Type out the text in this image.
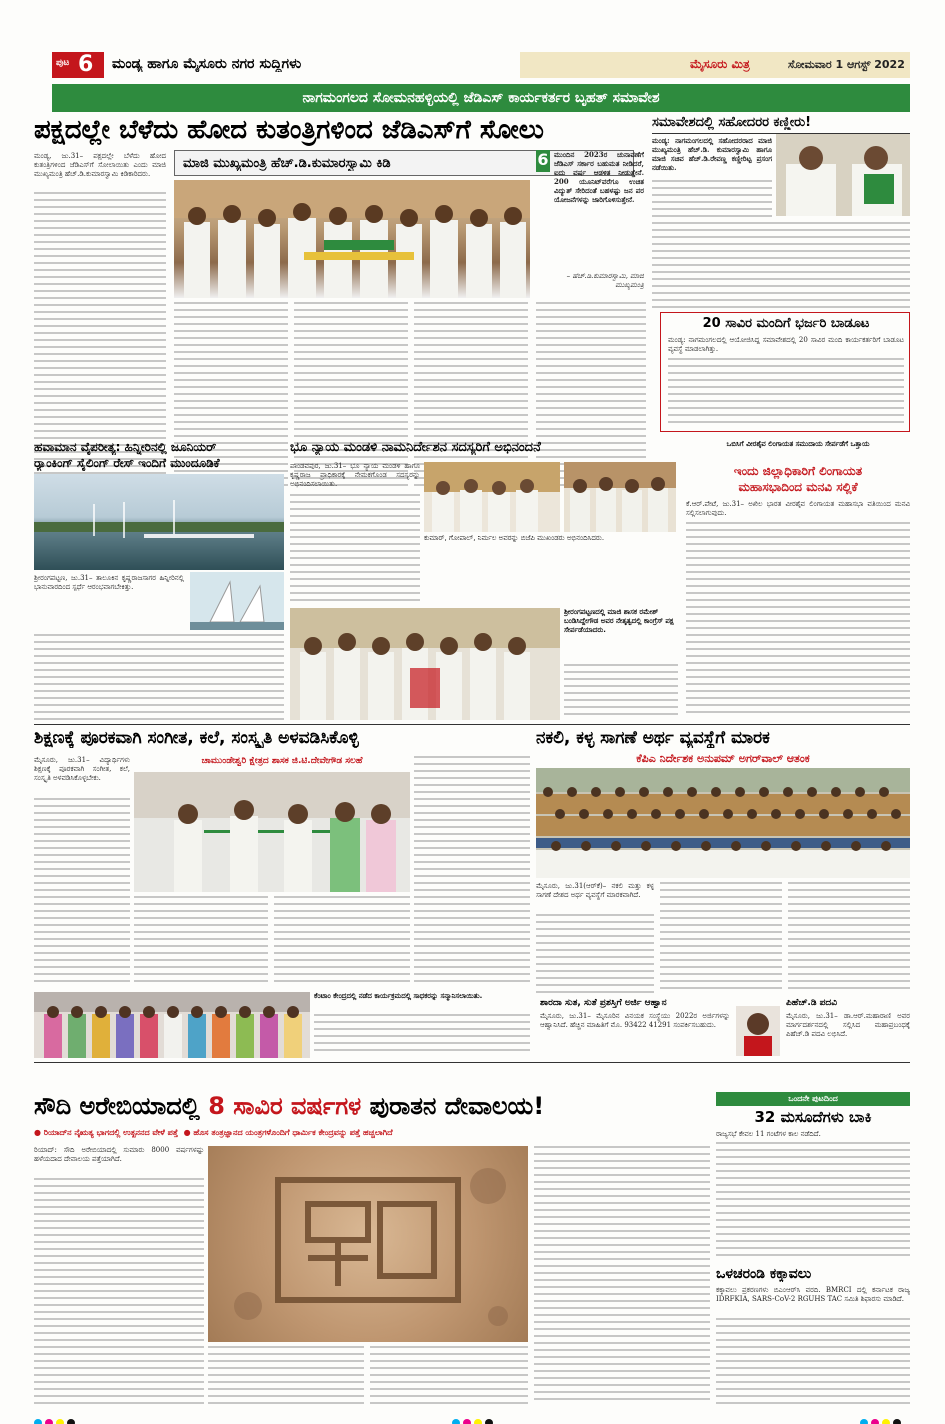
ಪುಟ 6 ಮಂಡ್ಯ ಹಾಗೂ ಮೈಸೂರು ನಗರ ಸುದ್ದಿಗಳು	ಮೈಸೂರು ಮಿತ್ರ	ಸೋಮವಾರ 1 ಆಗಸ್ಟ್ 2022
ನಾಗಮಂಗಲದ ಸೋಮನಹಳ್ಳಿಯಲ್ಲಿ ಜೆಡಿಎಸ್ ಕಾರ್ಯಕರ್ತರ ಬೃಹತ್ ಸಮಾವೇಶ
ಪಕ್ಷದಲ್ಲೇ ಬೆಳೆದು ಹೋದ ಕುತಂತ್ರಿಗಳಿಂದ ಜೆಡಿಎಸ್‌ಗೆ ಸೋಲು
ಮಾಜಿ ಮುಖ್ಯಮಂತ್ರಿ ಹೆಚ್.ಡಿ.ಕುಮಾರಸ್ವಾಮಿ ಕಿಡಿ
ಮಂಡ್ಯ, ಜು.31– ಪಕ್ಷದಲ್ಲೇ ಬೆಳೆದು ಹೋದ ಕುತಂತ್ರಿಗಳಿಂದ ಜೆಡಿಎಸ್‌ಗೆ ಸೋಲಾಯಿತು ಎಂದು ಮಾಜಿ ಮುಖ್ಯಮಂತ್ರಿ ಹೆಚ್.ಡಿ.ಕುಮಾರಸ್ವಾಮಿ ಕಿಡಿಕಾರಿದರು.
6 ಮುಂದಿನ 2023ರ ಚುನಾವಣೆಗೆ ಜೆಡಿಎಸ್ ಸರ್ಕಾರ ಬಹುಮತ ನೀಡಿದರೆ, ಐದು ವರ್ಷ ಆಡಳಿತ ನೀಡುತ್ತೇನೆ. 200 ಯೂನಿಟ್‌ವರೆಗೂ ಉಚಿತ ವಿದ್ಯುತ್ ಸೇರಿದಂತೆ ಬಹಳಷ್ಟು ಜನ ಪರ ಯೋಜನೆಗಳನ್ನು ಜಾರಿಗೊಳಿಸುತ್ತೇನೆ.
– ಹೆಚ್.ಡಿ.ಕುಮಾರಸ್ವಾಮಿ, ಮಾಜಿ ಮುಖ್ಯಮಂತ್ರಿ
ಸಮಾವೇಶದಲ್ಲಿ ಸಹೋದರರ ಕಣ್ಣೀರು!
ಮಂಡ್ಯ: ನಾಗಮಂಗಲದಲ್ಲಿ ಸಹೋದರರಾದ ಮಾಜಿ ಮುಖ್ಯಮಂತ್ರಿ ಹೆಚ್.ಡಿ. ಕುಮಾರಸ್ವಾಮಿ ಹಾಗೂ ಮಾಜಿ ಸಚಿವ ಹೆಚ್.ಡಿ.ರೇವಣ್ಣ ಕಣ್ಣೀರಿಟ್ಟ ಪ್ರಸಂಗ ನಡೆಯಿತು.
20 ಸಾವಿರ ಮಂದಿಗೆ ಭರ್ಜರಿ ಬಾಡೂಟ
ಮಂಡ್ಯ: ನಾಗಮಂಗಲದಲ್ಲಿ ಆಯೋಜಿಸಿದ್ದ ಸಮಾವೇಶದಲ್ಲಿ 20 ಸಾವಿರ ಮಂದಿ ಕಾರ್ಯಕರ್ತರಿಗೆ ಬಾಡೂಟ ವ್ಯವಸ್ಥೆ ಮಾಡಲಾಗಿತ್ತು.
ಹವಾಮಾನ ವೈಪರೀತ್ಯ: ಹಿನ್ನೀರಿನಲ್ಲಿ ಜೂನಿಯರ್
ರ್‍ಯಾಂಕಿಂಗ್ ಸೈಲಿಂಗ್ ರೇಸ್ ಇಂದಿಗೆ ಮುಂದೂಡಿಕೆ
ಶ್ರೀರಂಗಪಟ್ಟಣ, ಜು.31– ತಾಲೂಕಿನ ಕೃಷ್ಣರಾಜಸಾಗರ ಹಿನ್ನೀರಿನಲ್ಲಿ ಭಾನುವಾರದಿಂದ ಸ್ಪರ್ಧೆ ಆರಂಭವಾಗಬೇಕಿತ್ತು.
ಭೂ ನ್ಯಾಯ ಮಂಡಳಿ ನಾಮನಿರ್ದೇಶನ ಸದಸ್ಯರಿಗೆ ಅಭಿನಂದನೆ
ಪಾಂಡವಪುರ, ಜು.31– ಭೂ ನ್ಯಾಯ ಮಂಡಳಿ ಹಾಗೂ ಕೃಷ್ಣರಾಜ ಪ್ರಾಧಿಕಾರಕ್ಕೆ ನೇಮಕಗೊಂಡ ಸದಸ್ಯರನ್ನು ಅಭಿನಂದಿಸಲಾಯಿತು.
ಕುಮಾರ್, ಗೋಪಾಲ್, ನಿರ್ಮಲ ಅವರನ್ನು ಬಿಜೆಪಿ ಮುಖಂಡರು ಅಭಿನಂದಿಸಿದರು.
ಶ್ರೀರಂಗಪಟ್ಟಣದಲ್ಲಿ ಮಾಜಿ ಶಾಸಕ ರಮೇಶ್ ಬಂಡಿಸಿದ್ದೇಗೌಡ ಅವರ ನೇತೃತ್ವದಲ್ಲಿ ಕಾಂಗ್ರೆಸ್ ಪಕ್ಷ ಸೇರ್ಪಡೆಯಾದರು.
ಒಬಿಸಿಗೆ ವೀರಶೈವ ಲಿಂಗಾಯತ ಸಮುದಾಯ ಸೇರ್ಪಡೆಗೆ ಒತ್ತಾಯ
ಇಂದು ಜಿಲ್ಲಾಧಿಕಾರಿಗೆ ಲಿಂಗಾಯತ
ಮಹಾಸಭಾದಿಂದ ಮನವಿ ಸಲ್ಲಿಕೆ
ಕೆ.ಆರ್.ಪೇಟೆ, ಜು.31– ಅಖಿಲ ಭಾರತ ವೀರಶೈವ ಲಿಂಗಾಯತ ಮಹಾಸಭಾ ವತಿಯಿಂದ ಮನವಿ ಸಲ್ಲಿಸಲಾಗುವುದು.
ಶಿಕ್ಷಣಕ್ಕೆ ಪೂರಕವಾಗಿ ಸಂಗೀತ, ಕಲೆ, ಸಂಸ್ಕೃತಿ ಅಳವಡಿಸಿಕೊಳ್ಳಿ
ಚಾಮುಂಡೇಶ್ವರಿ ಕ್ಷೇತ್ರದ ಶಾಸಕ ಜಿ.ಟಿ.ದೇವೇಗೌಡ ಸಲಹೆ
ಮೈಸೂರು, ಜು.31– ವಿದ್ಯಾರ್ಥಿಗಳು ಶಿಕ್ಷಣಕ್ಕೆ ಪೂರಕವಾಗಿ ಸಂಗೀತ, ಕಲೆ, ಸಂಸ್ಕೃತಿ ಅಳವಡಿಸಿಕೊಳ್ಳಬೇಕು.
ಕೆಂಟಾಂ ಕೇಂದ್ರದಲ್ಲಿ ನಡೆದ ಕಾರ್ಯಕ್ರಮದಲ್ಲಿ ಸಾಧಕರನ್ನು ಸನ್ಮಾನಿಸಲಾಯಿತು.
ನಕಲಿ, ಕಳ್ಳ ಸಾಗಣೆ ಅರ್ಥ ವ್ಯವಸ್ಥೆಗೆ ಮಾರಕ
ಕೆಪಿಎ ನಿರ್ದೇಶಕ ಅನುಪಮ್ ಅಗರ್‌ವಾಲ್ ಆತಂಕ
ಮೈಸೂರು, ಜು.31(ಆರ್‌ಕೆ)– ನಕಲಿ ಮತ್ತು ಕಳ್ಳ ಸಾಗಣೆ ದೇಶದ ಅರ್ಥ ವ್ಯವಸ್ಥೆಗೆ ಮಾರಕವಾಗಿದೆ.
ಶಾರದಾ ಸುತ, ಸುತೆ ಪ್ರಶಸ್ತಿಗೆ ಅರ್ಜಿ ಆಹ್ವಾನ
ಮೈಸೂರು, ಜು.31– ಮೈಸೂರಿನ ವಿನಯಕ ಸಂಸ್ಥೆಯು 2022ರ ಅರ್ಜಿಗಳನ್ನು ಆಹ್ವಾನಿಸಿದೆ. ಹೆಚ್ಚಿನ ಮಾಹಿತಿಗೆ ಮೊ. 93422 41291 ಸಂಪರ್ಕಿಸಬಹುದು.
ಪಿಹೆಚ್.ಡಿ ಪದವಿ
ಮೈಸೂರು, ಜು.31– ಡಾ.ಆರ್.ಮಹಾರಾಣಿ ಅವರ ಮಾರ್ಗದರ್ಶನದಲ್ಲಿ ಸಲ್ಲಿಸಿದ ಮಹಾಪ್ರಬಂಧಕ್ಕೆ ಪಿಹೆಚ್.ಡಿ ಪದವಿ ಲಭಿಸಿದೆ.
ಸೌದಿ ಅರೇಬಿಯಾದಲ್ಲಿ 8 ಸಾವಿರ ವರ್ಷಗಳ ಪುರಾತನ ದೇವಾಲಯ!
● ರಿಯಾದ್‌ನ ನೈಋತ್ಯ ಭಾಗದಲ್ಲಿ ಉತ್ಖನನದ ವೇಳೆ ಪತ್ತೆ  ● ಹೊಸ ತಂತ್ರಜ್ಞಾನದ ಯಂತ್ರಗಳೊಂದಿಗೆ ಧಾರ್ಮಿಕ ಕೇಂದ್ರವನ್ನು ಪತ್ತೆ ಹಚ್ಚಲಾಗಿದೆ
ರಿಯಾದ್: ಸೌದಿ ಅರೇಬಿಯಾದಲ್ಲಿ ಸುಮಾರು 8000 ವರ್ಷಗಳಷ್ಟು ಹಳೆಯದಾದ ದೇವಾಲಯ ಪತ್ತೆಯಾಗಿದೆ.
ಒಂದನೇ ಪುಟದಿಂದ
32 ಮಸೂದೆಗಳು ಬಾಕಿ
ರಾಜ್ಯಸಭೆ ಕೇವಲ 11 ಗಂಟೆಗಳ ಕಾಲ ನಡೆದಿದೆ.
ಒಳಚರಂಡಿ ಕಕ್ಕಾವಲು
ಕಕ್ಕಾವಲು ಪ್ರಕರಣಗಳು ಬಿಎಂಆರ್‌ಸಿ ವರದಿ. BMRCI ದಲ್ಲಿ ಕರ್ನಾಟಕ ರಾಜ್ಯ IDRFKIA, SARS-CoV-2 RGUHS TAC ಸಮಿತಿ ಶಿಫಾರಸು ಮಾಡಿದೆ.
